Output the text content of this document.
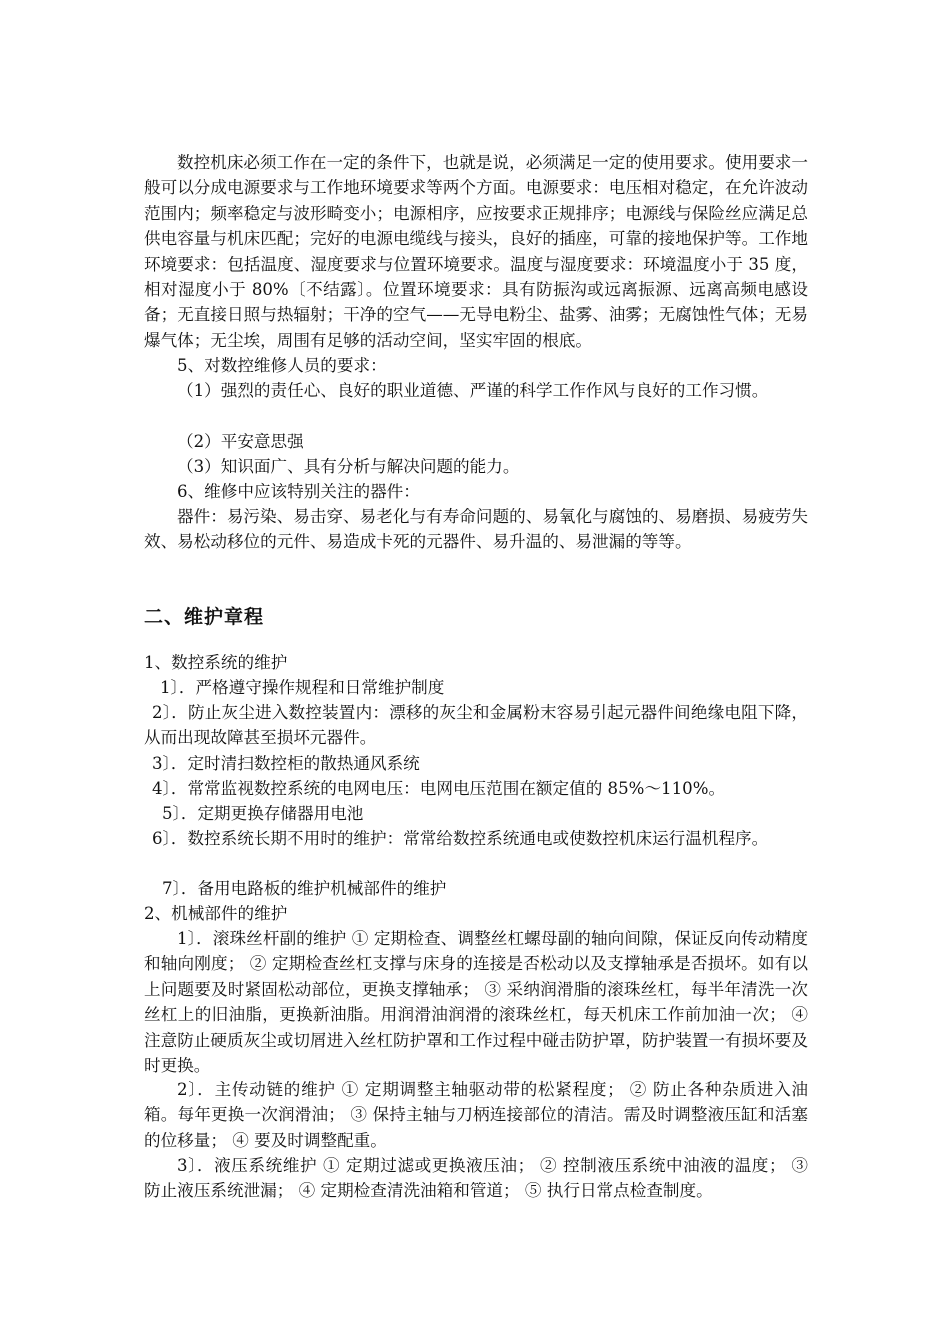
数控机床必须工作在一定的条件下，也就是说，必须满足一定的使用要求。使用要求一般可以分成电源要求与工作地环境要求等两个方面。电源要求：电压相对稳定，在允许波动范围内；频率稳定与波形畸变小；电源相序，应按要求正规排序；电源线与保险丝应满足总供电容量与机床匹配；完好的电源电缆线与接头，良好的插座，可靠的接地保护等。工作地环境要求：包括温度、湿度要求与位置环境要求。温度与湿度要求：环境温度小于 35 度，相对湿度小于 80%〔不结露〕。位置环境要求：具有防振沟或远离振源、远离高频电感设备；无直接日照与热辐射；干净的空气——无导电粉尘、盐雾、油雾；无腐蚀性气体；无易爆气体；无尘埃，周围有足够的活动空间，坚实牢固的根底。

5、对数控维修人员的要求：

（1）强烈的责任心、良好的职业道德、严谨的科学工作作风与良好的工作习惯。

（2）平安意思强

（3）知识面广、具有分析与解决问题的能力。

6、维修中应该特别关注的器件：

器件：易污染、易击穿、易老化与有寿命问题的、易氧化与腐蚀的、易磨损、易疲劳失效、易松动移位的元件、易造成卡死的元器件、易升温的、易泄漏的等等。

二、维护章程

1、数控系统的维护

1〕．严格遵守操作规程和日常维护制度

2〕．防止灰尘进入数控装置内：漂移的灰尘和金属粉末容易引起元器件间绝缘电阻下降，从而出现故障甚至损坏元器件。

3〕．定时清扫数控柜的散热通风系统

4〕．常常监视数控系统的电网电压：电网电压范围在额定值的 85%～110%。

5〕．定期更换存储器用电池

6〕．数控系统长期不用时的维护：常常给数控系统通电或使数控机床运行温机程序。

7〕．备用电路板的维护机械部件的维护

2、机械部件的维护

1〕．滚珠丝杆副的维护 ① 定期检查、调整丝杠螺母副的轴向间隙，保证反向传动精度和轴向刚度； ② 定期检查丝杠支撑与床身的连接是否松动以及支撑轴承是否损坏。如有以上问题要及时紧固松动部位，更换支撑轴承； ③ 采纳润滑脂的滚珠丝杠，每半年清洗一次丝杠上的旧油脂，更换新油脂。用润滑油润滑的滚珠丝杠，每天机床工作前加油一次； ④ 注意防止硬质灰尘或切屑进入丝杠防护罩和工作过程中碰击防护罩，防护装置一有损坏要及时更换。

2〕．主传动链的维护 ① 定期调整主轴驱动带的松紧程度； ② 防止各种杂质进入油箱。每年更换一次润滑油； ③ 保持主轴与刀柄连接部位的清洁。需及时调整液压缸和活塞的位移量； ④ 要及时调整配重。

3〕．液压系统维护 ① 定期过滤或更换液压油； ② 控制液压系统中油液的温度； ③ 防止液压系统泄漏； ④ 定期检查清洗油箱和管道； ⑤ 执行日常点检查制度。
